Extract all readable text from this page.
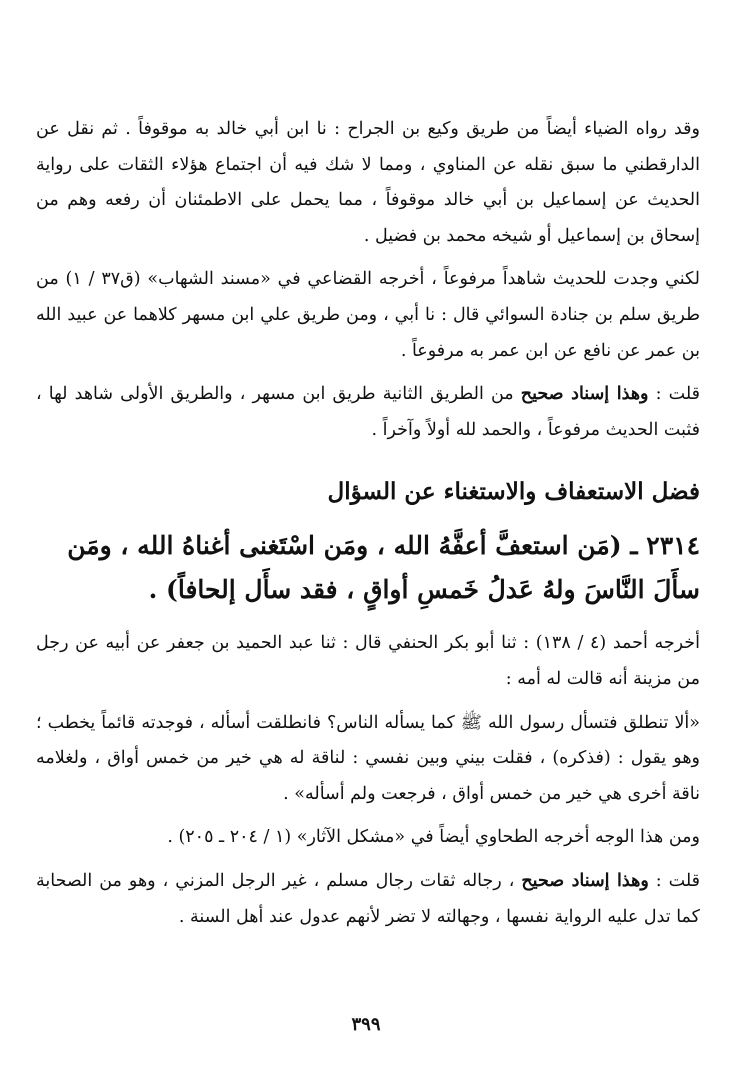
وقد رواه الضياء أيضاً من طريق وكيع بن الجراح : نا ابن أبي خالد به موقوفاً . ثم نقل عن الدارقطني ما سبق نقله عن المناوي ، ومما لا شك فيه أن اجتماع هؤلاء الثقات على رواية الحديث عن إسماعيل بن أبي خالد موقوفاً ، مما يحمل على الاطمئنان أن رفعه وهم من إسحاق بن إسماعيل أو شيخه محمد بن فضيل .

لكني وجدت للحديث شاهداً مرفوعاً ، أخرجه القضاعي في «مسند الشهاب» (ق٣٧ / ١) من طريق سلم بن جنادة السوائي قال : نا أبي ، ومن طريق علي ابن مسهر كلاهما عن عبيد الله بن عمر عن نافع عن ابن عمر به مرفوعاً .

قلت : وهذا إسناد صحيح من الطريق الثانية طريق ابن مسهر ، والطريق الأولى شاهد لها ، فثبت الحديث مرفوعاً ، والحمد لله أولاً وآخراً .

فضل الاستعفاف والاستغناء عن السؤال

٢٣١٤ ـ (مَن استعفَّ أعفَّهُ الله ، ومَن اسْتَغنى أغناهُ الله ، ومَن سأَلَ النَّاسَ ولهُ عَدلُ خَمسِ أواقٍ ، فقد سأَل إلحافاً) .

أخرجه أحمد (٤ / ١٣٨) : ثنا أبو بكر الحنفي قال : ثنا عبد الحميد بن جعفر عن أبيه عن رجل من مزينة أنه قالت له أمه :

«ألا تنطلق فتسأل رسول الله ﷺ كما يسأله الناس؟ فانطلقت أسأله ، فوجدته قائماً يخطب ؛ وهو يقول : (فذكره) ، فقلت بيني وبين نفسي : لناقة له هي خير من خمس أواق ، ولغلامه ناقة أخرى هي خير من خمس أواق ، فرجعت ولم أسأله» .

ومن هذا الوجه أخرجه الطحاوي أيضاً في «مشكل الآثار» (١ / ٢٠٤ ـ ٢٠٥) .

قلت : وهذا إسناد صحيح ، رجاله ثقات رجال مسلم ، غير الرجل المزني ، وهو من الصحابة كما تدل عليه الرواية نفسها ، وجهالته لا تضر لأنهم عدول عند أهل السنة .

٣٩٩
